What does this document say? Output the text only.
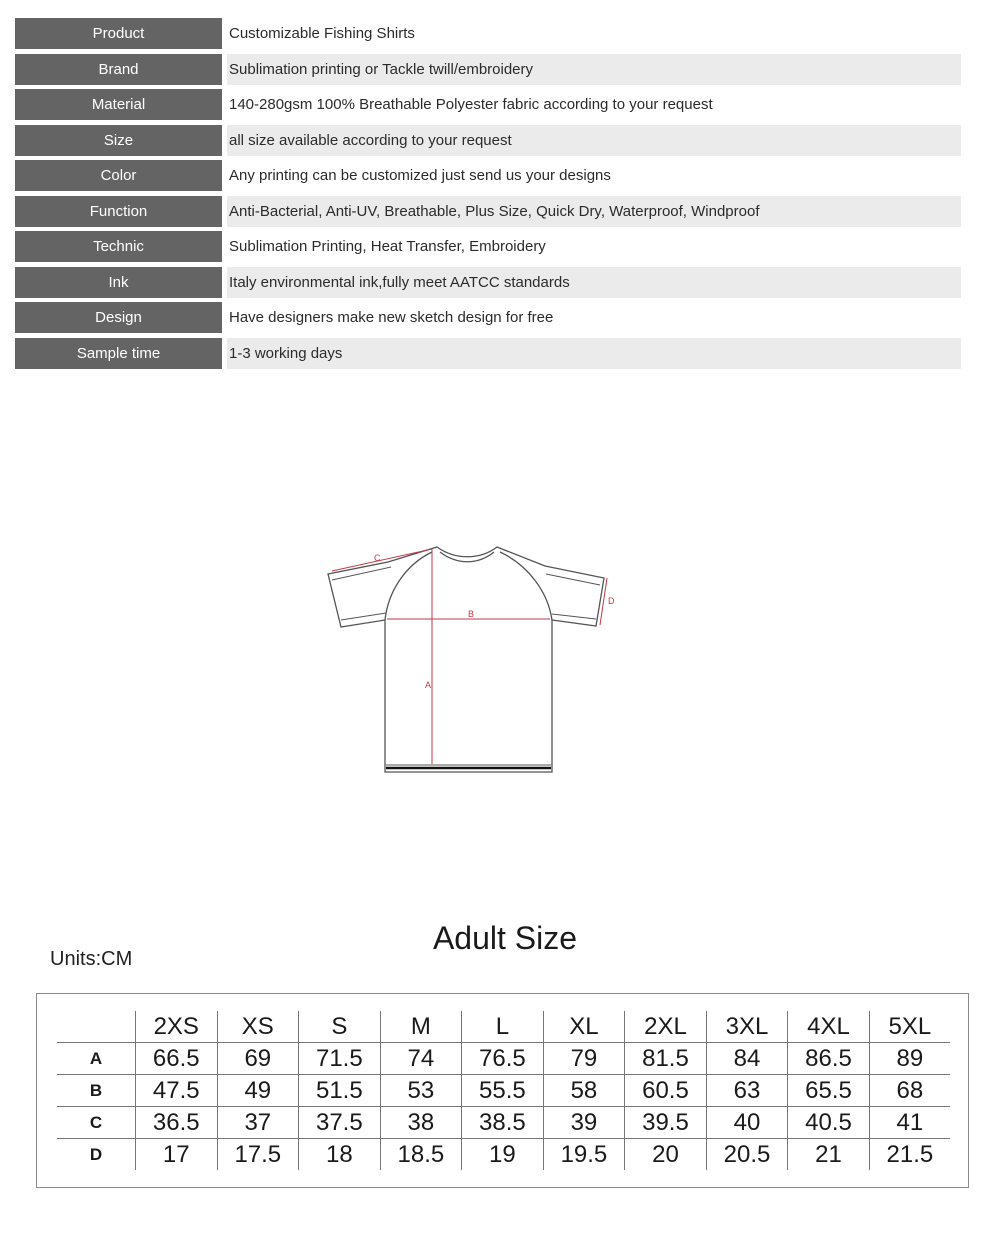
Product	Customizable Fishing Shirts
Brand	Sublimation printing or Tackle twill/embroidery
Material	140-280gsm 100% Breathable Polyester fabric according to your request
Size	all size available according to your request
Color	Any printing can be customized just send us your designs
Function	Anti-Bacterial, Anti-UV, Breathable, Plus Size, Quick Dry, Waterproof, Windproof
Technic	Sublimation Printing, Heat Transfer, Embroidery
Ink	Italy environmental ink,fully meet AATCC standards
Design	Have designers make new sketch design for free
Sample time	1-3 working days
C
B
A
D
Units:CM
Adult Size
	2XS	XS	S	M	L	XL	2XL	3XL	4XL	5XL
A	66.5	69	71.5	74	76.5	79	81.5	84	86.5	89
B	47.5	49	51.5	53	55.5	58	60.5	63	65.5	68
C	36.5	37	37.5	38	38.5	39	39.5	40	40.5	41
D	17	17.5	18	18.5	19	19.5	20	20.5	21	21.5
